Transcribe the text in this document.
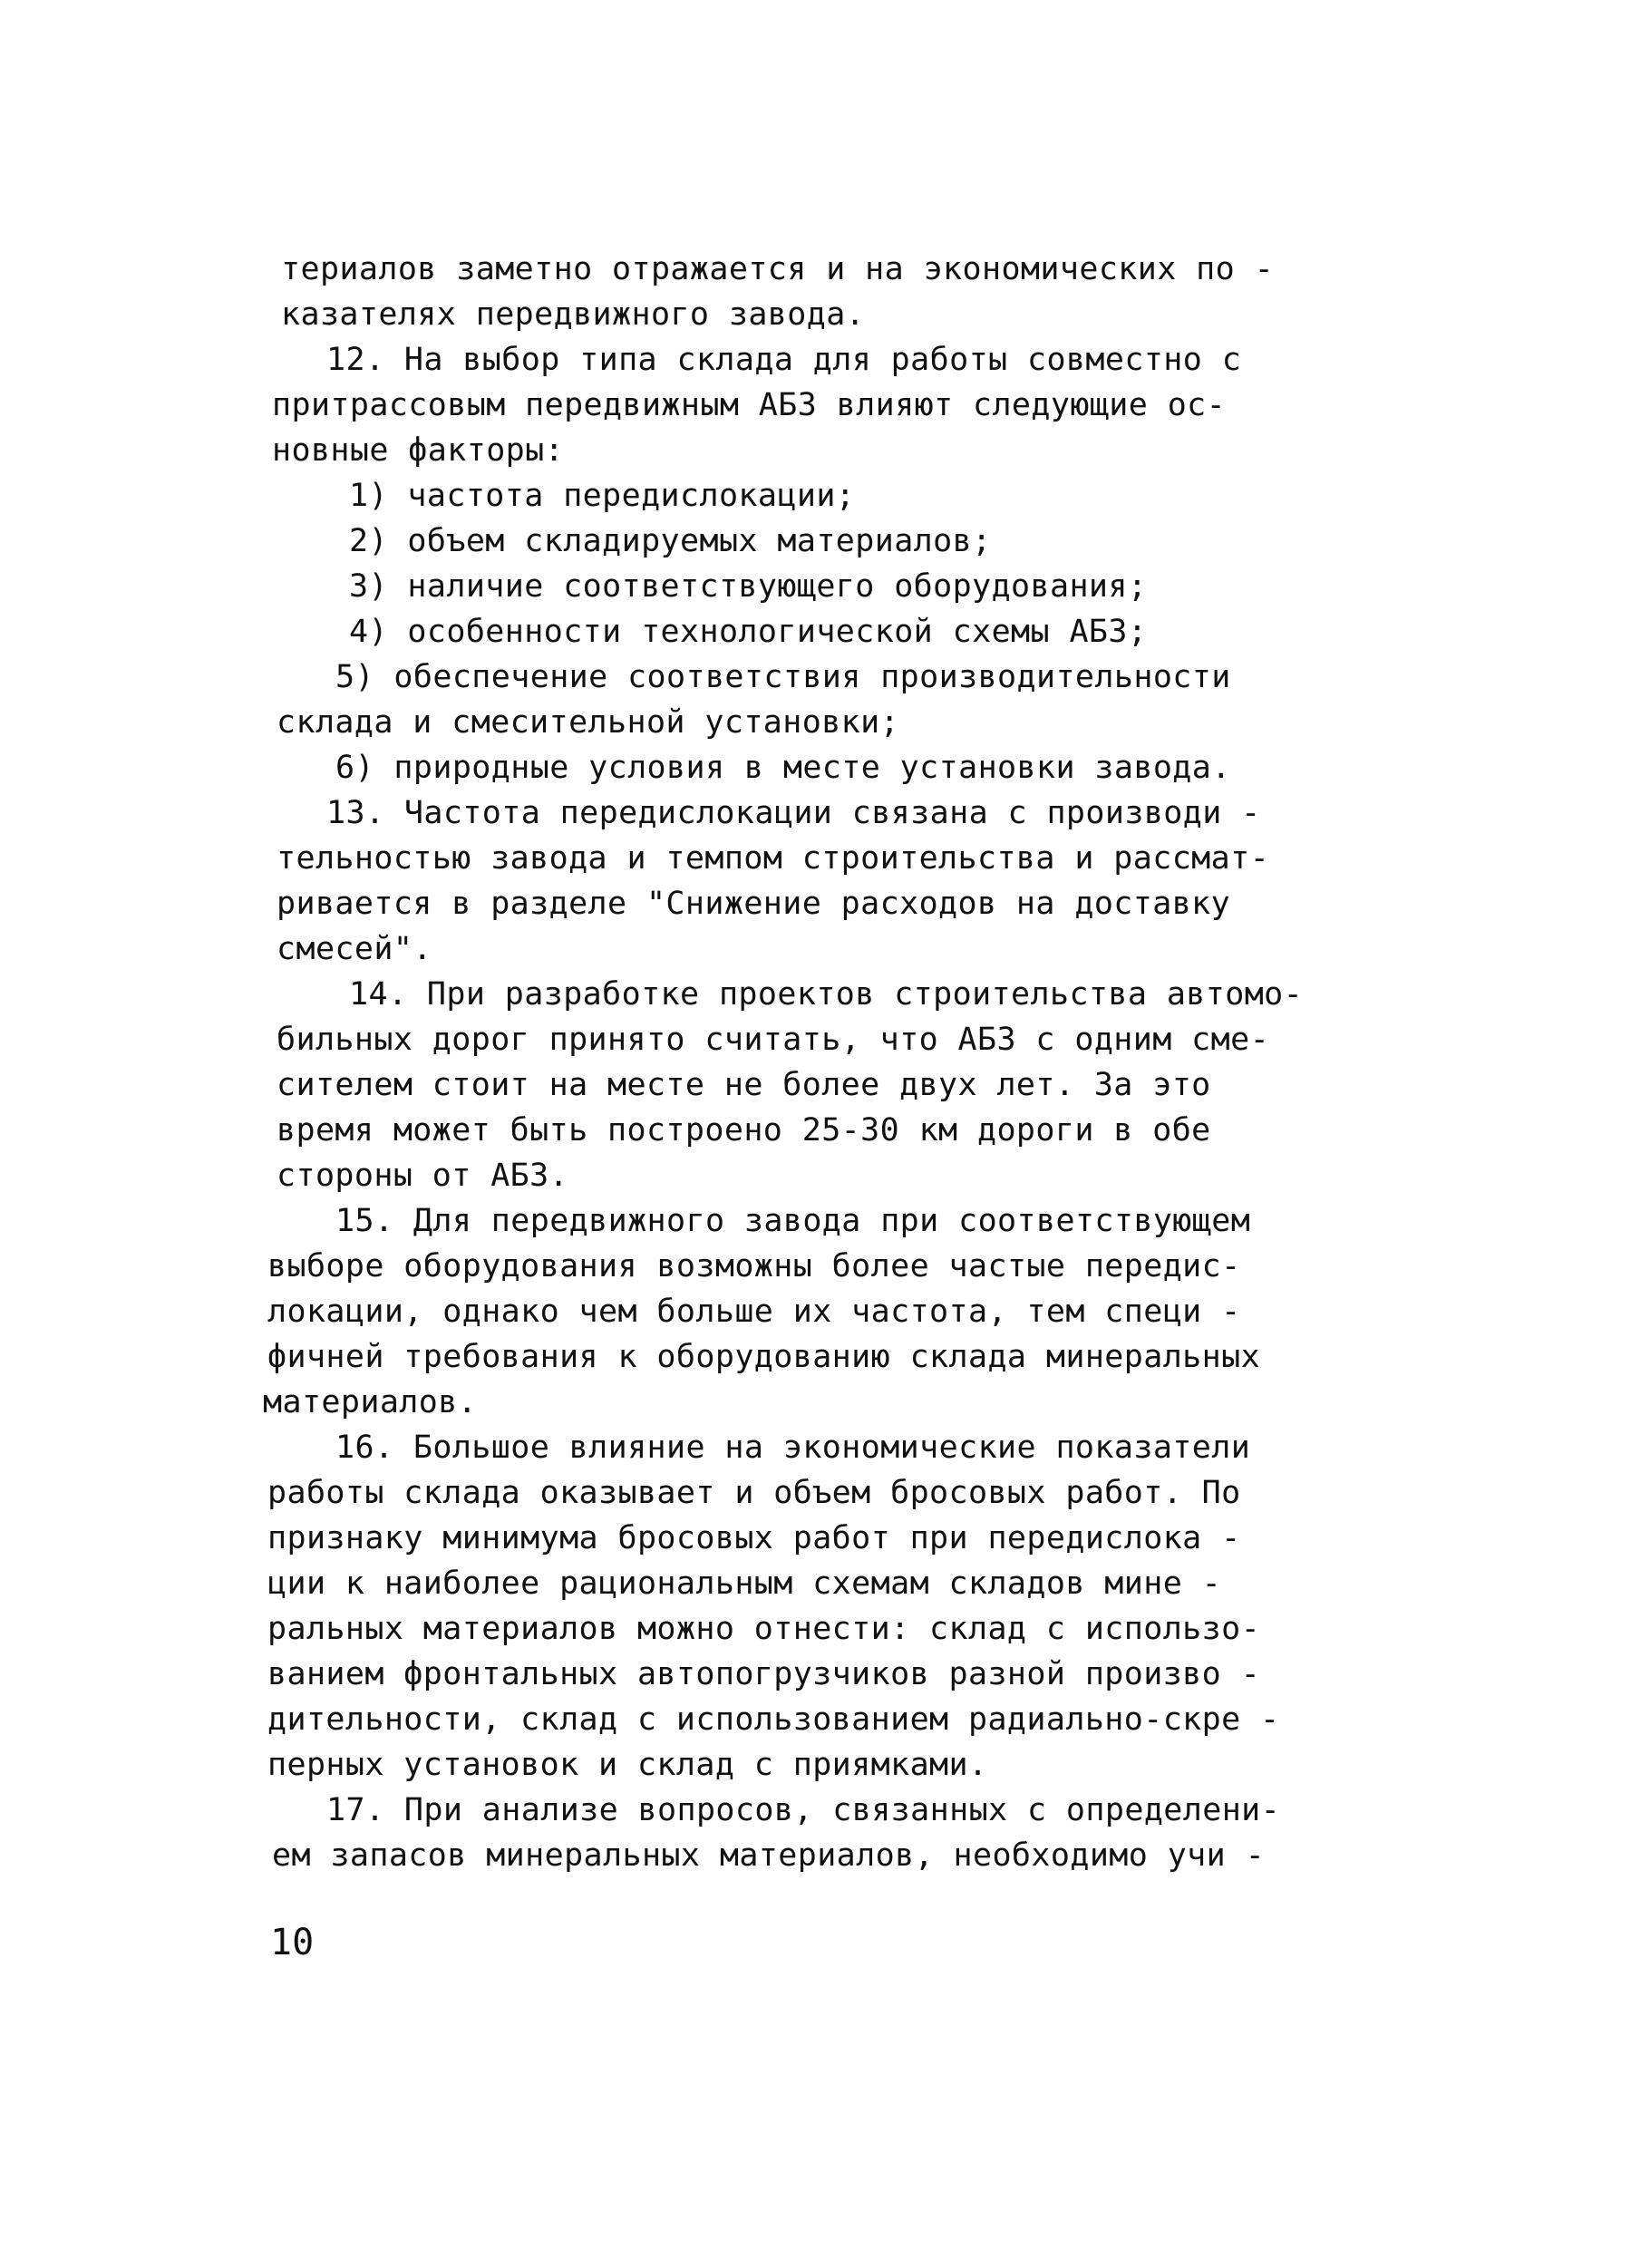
териалов заметно отражается и на экономических по -
казателях передвижного завода.
12. На выбор типа склада для работы совместно с
притрассовым передвижным АБЗ влияют следующие ос-
новные факторы:
1) частота передислокации;
2) объем складируемых материалов;
3) наличие соответствующего оборудования;
4) особенности технологической схемы АБЗ;
5) обеспечение соответствия производительности
склада и смесительной установки;
6) природные условия в месте установки завода.
13. Частота передислокации связана с производи -
тельностью завода и темпом строительства и рассмат-
ривается в разделе "Снижение расходов на доставку
смесей".
14. При разработке проектов строительства автомо-
бильных дорог принято считать, что АБЗ с одним сме-
сителем стоит на месте не более двух лет. За это
время может быть построено 25-30 км дороги в обе
стороны от АБЗ.
15. Для передвижного завода при соответствующем
выборе оборудования возможны более частые передис-
локации, однако чем больше их частота, тем специ -
фичней требования к оборудованию склада минеральных
материалов.
16. Большое влияние на экономические показатели
работы склада оказывает и объем бросовых работ. По
признаку минимума бросовых работ при передислока -
ции к наиболее рациональным схемам складов мине -
ральных материалов можно отнести: склад с использо-
ванием фронтальных автопогрузчиков разной произво -
дительности, склад с использованием радиально-скре -
перных установок и склад с приямками.
17. При анализе вопросов, связанных с определени-
ем запасов минеральных материалов, необходимо учи -
10
